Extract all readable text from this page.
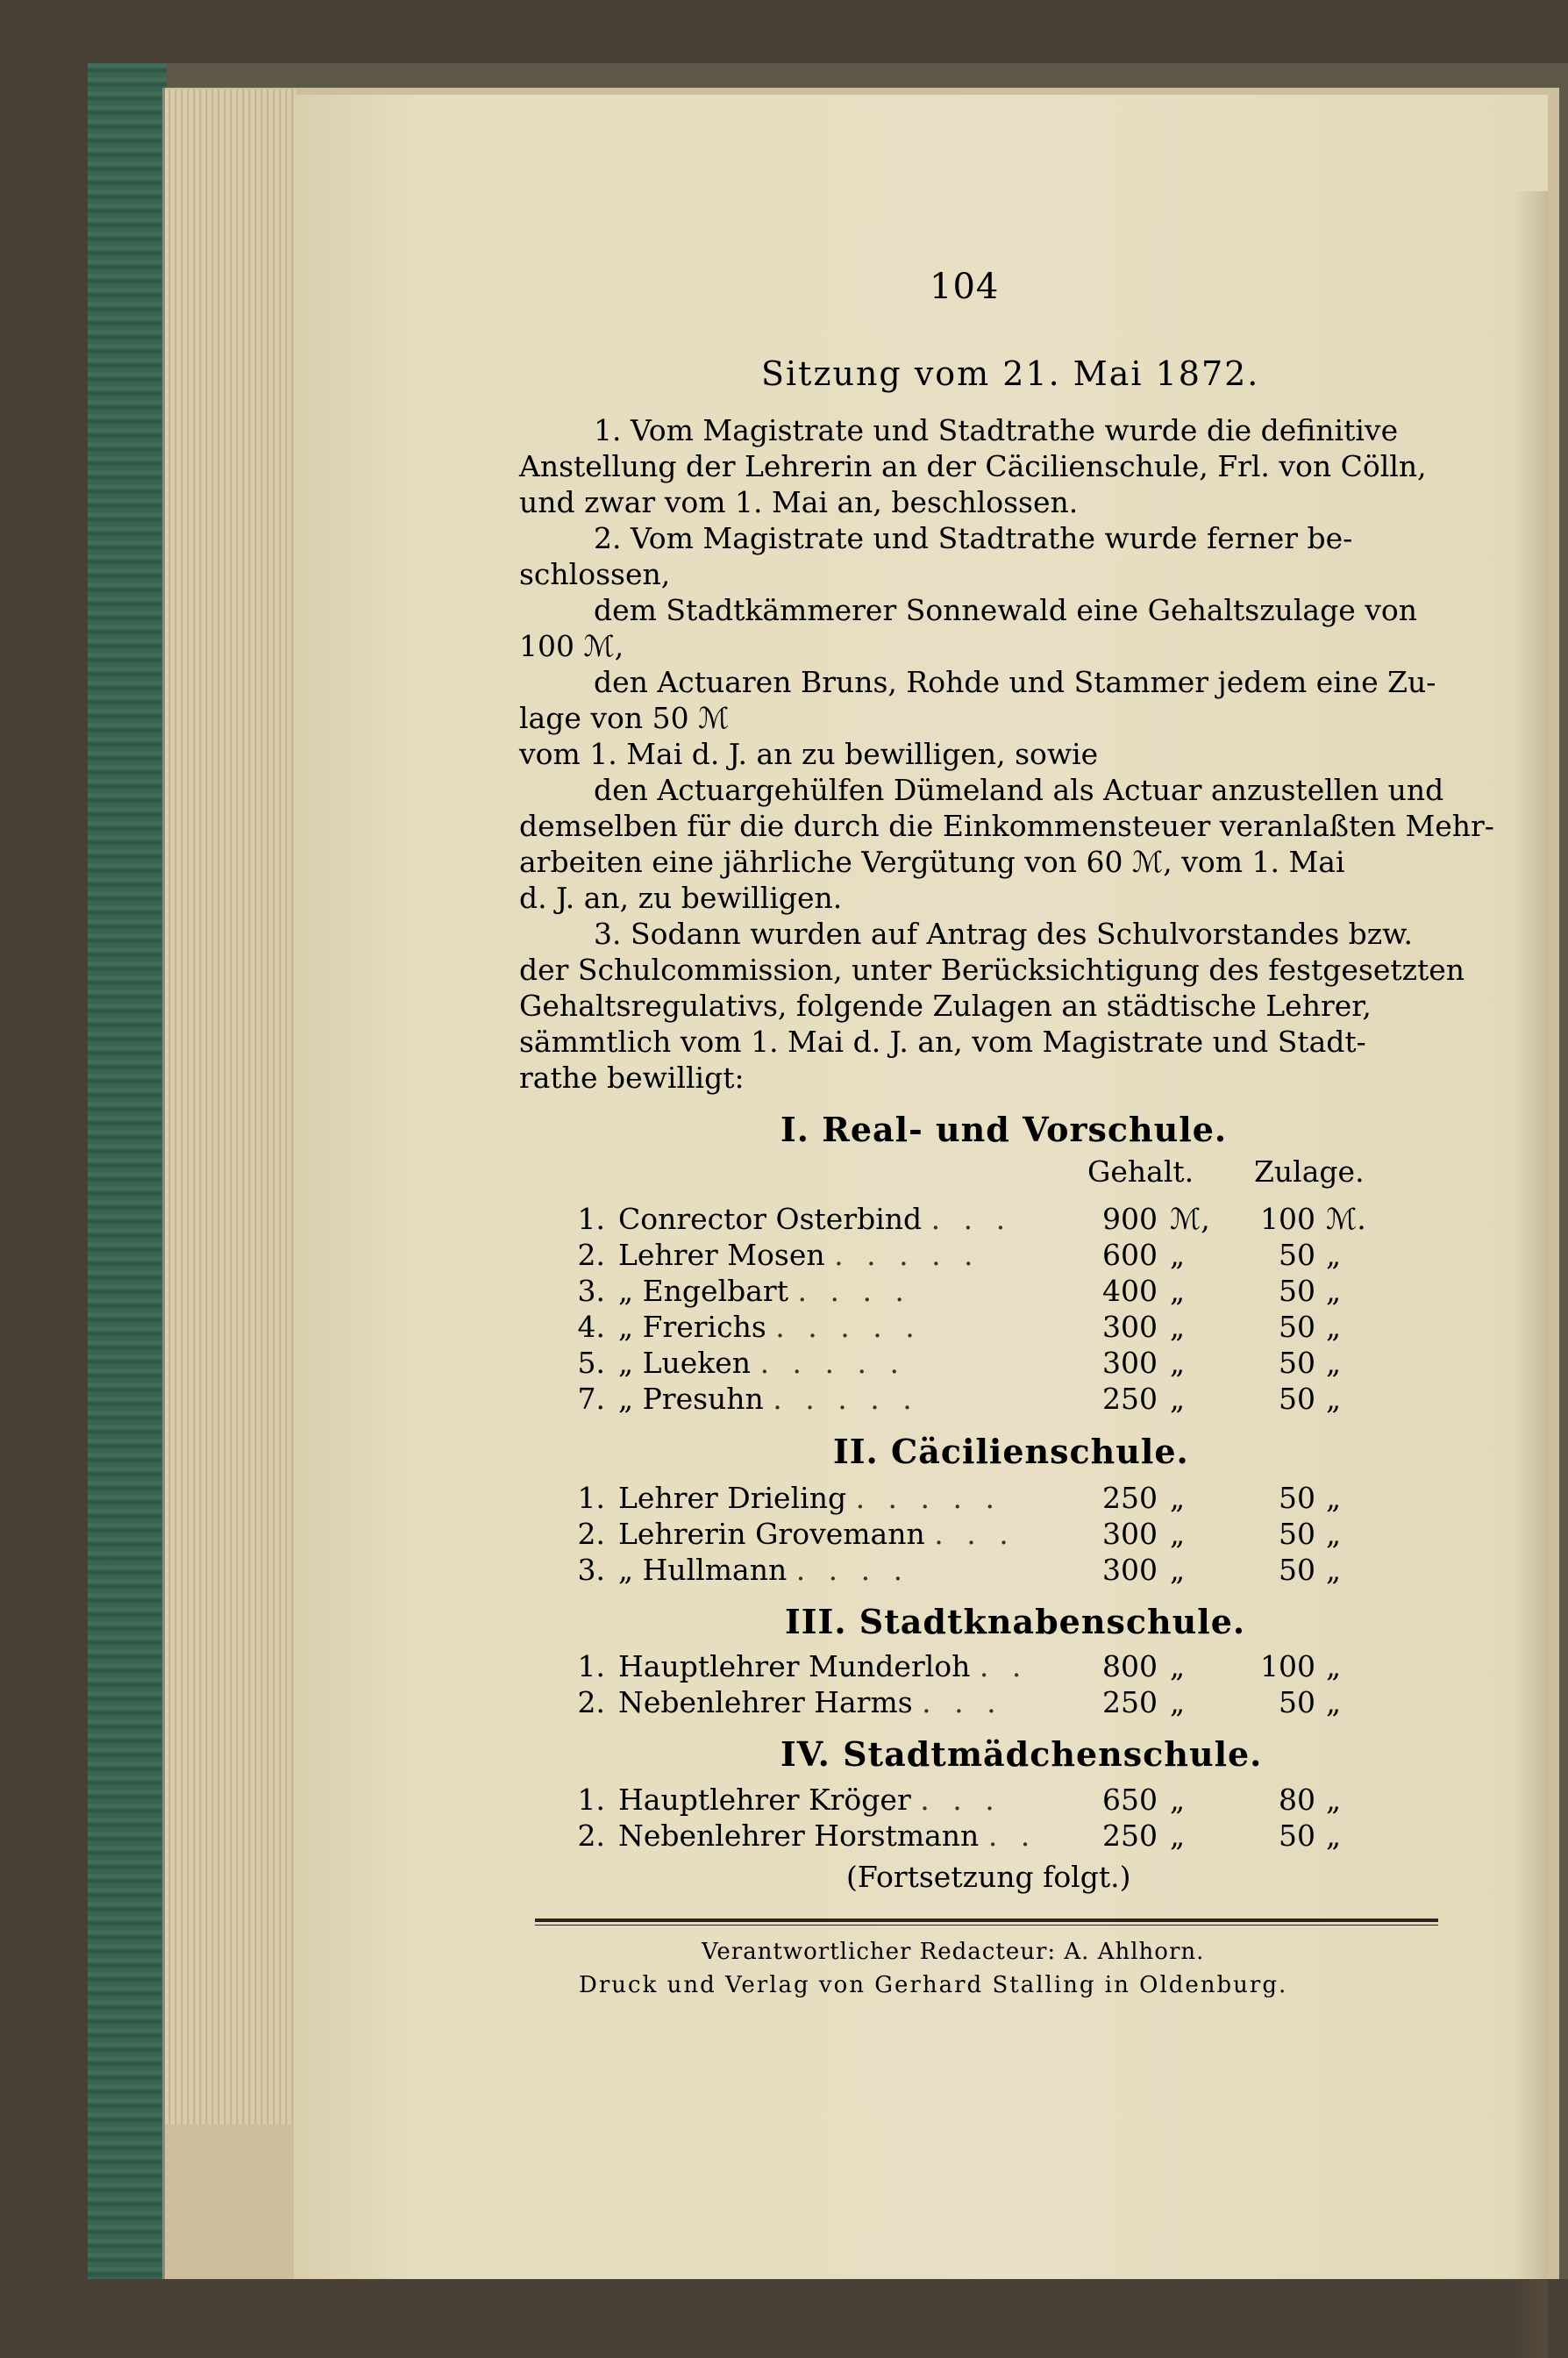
104
Sitzung vom 21. Mai 1872.
1. Vom Magistrate und Stadtrathe wurde die definitive
Anstellung der Lehrerin an der Cäcilienschule, Frl. von Cölln,
und zwar vom 1. Mai an, beschlossen.
2. Vom Magistrate und Stadtrathe wurde ferner be-
schlossen,
dem Stadtkämmerer Sonnewald eine Gehaltszulage von
100 ℳ,
den Actuaren Bruns, Rohde und Stammer jedem eine Zu-
lage von 50 ℳ
vom 1. Mai d. J. an zu bewilligen, sowie
den Actuargehülfen Dümeland als Actuar anzustellen und
demselben für die durch die Einkommensteuer veranlaßten Mehr-
arbeiten eine jährliche Vergütung von 60 ℳ, vom 1. Mai
d. J. an, zu bewilligen.
3. Sodann wurden auf Antrag des Schulvorstandes bzw.
der Schulcommission, unter Berücksichtigung des festgesetzten
Gehaltsregulativs, folgende Zulagen an städtische Lehrer,
sämmtlich vom 1. Mai d. J. an, vom Magistrate und Stadt-
rathe bewilligt:
I. Real- und Vorschule.
Gehalt. Zulage.
1. Conrector Osterbind . . .	900 ℳ,	100 ℳ.
2. Lehrer Mosen . . . . .	600 „	50 „
3. „ Engelbart . . . .	400 „	50 „
4. „ Frerichs . . . . .	300 „	50 „
5. „ Lueken . . . . .	300 „	50 „
7. „ Presuhn . . . . .	250 „	50 „
II. Cäcilienschule.
1. Lehrer Drieling . . . . .	250 „	50 „
2. Lehrerin Grovemann . . .	300 „	50 „
3. „ Hullmann . . . .	300 „	50 „
III. Stadtknabenschule.
1. Hauptlehrer Munderloh . .	800 „	100 „
2. Nebenlehrer Harms . . .	250 „	50 „
IV. Stadtmädchenschule.
1. Hauptlehrer Kröger . . .	650 „	80 „
2. Nebenlehrer Horstmann . .	250 „	50 „
(Fortsetzung folgt.)
Verantwortlicher Redacteur: A. Ahlhorn.
Druck und Verlag von Gerhard Stalling in Oldenburg.
